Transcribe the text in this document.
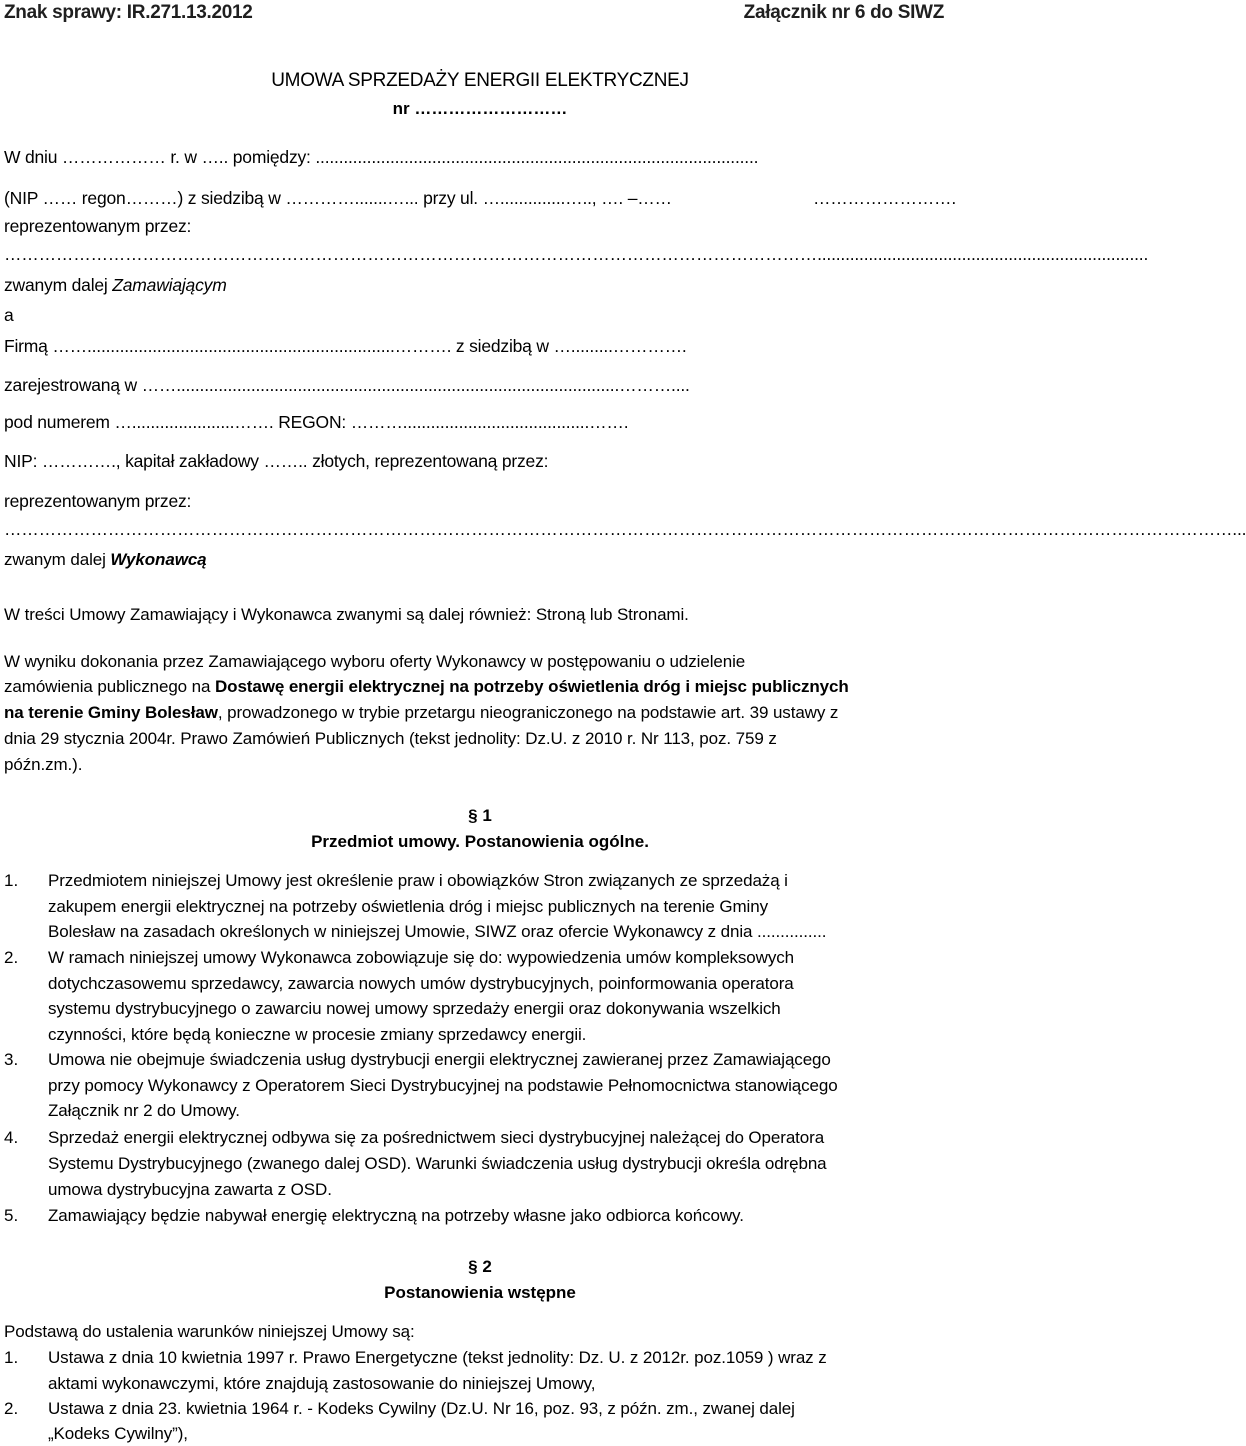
Znak sprawy: IR.271.13.2012	Załącznik nr 6 do SIWZ
UMOWA SPRZEDAŻY ENERGII ELEKTRYCZNEJ
nr ………………………
W dniu ……………… r. w ….. pomiędzy: ...............................................................................................
(NIP …… regon………) z siedzibą w ………….......…... przy ul. …..............….., …. –……	…………………….
reprezentowanym przez:
…………………………………………………………………………………………………………………………….......................................................................
zwanym dalej Zamawiającym
a
Firmą ……..................................................................………. z siedzibą w ….........………….
zarejestrowaną w ……...............................................................................................………....
pod numerem …......................……. REGON: ………........................................…….
NIP: …………., kapitał zakładowy …….. złotych, reprezentowaną przez:
reprezentowanym przez:
……………………………………………………………………………………………………………………………………………………………………………………………...
zwanym dalej Wykonawcą
W treści Umowy Zamawiający i Wykonawca zwanymi są dalej również: Stroną lub Stronami.
W wyniku dokonania przez Zamawiającego wyboru oferty Wykonawcy w postępowaniu o udzielenie
zamówienia publicznego na Dostawę energii elektrycznej na potrzeby oświetlenia dróg i miejsc publicznych
na terenie Gminy Bolesław, prowadzonego w trybie przetargu nieograniczonego na podstawie art. 39 ustawy z
dnia 29 stycznia 2004r. Prawo Zamówień Publicznych (tekst jednolity: Dz.U. z 2010 r. Nr 113, poz. 759 z
późn.zm.).
§ 1
Przedmiot umowy. Postanowienia ogólne.
1. Przedmiotem niniejszej Umowy jest określenie praw i obowiązków Stron związanych ze sprzedażą i
zakupem energii elektrycznej na potrzeby oświetlenia dróg i miejsc publicznych na terenie Gminy
Bolesław na zasadach określonych w niniejszej Umowie, SIWZ oraz ofercie Wykonawcy z dnia ...............
2. W ramach niniejszej umowy Wykonawca zobowiązuje się do: wypowiedzenia umów kompleksowych
dotychczasowemu sprzedawcy, zawarcia nowych umów dystrybucyjnych, poinformowania operatora
systemu dystrybucyjnego o zawarciu nowej umowy sprzedaży energii oraz dokonywania wszelkich
czynności, które będą konieczne w procesie zmiany sprzedawcy energii.
3. Umowa nie obejmuje świadczenia usług dystrybucji energii elektrycznej zawieranej przez Zamawiającego
przy pomocy Wykonawcy z Operatorem Sieci Dystrybucyjnej na podstawie Pełnomocnictwa stanowiącego
Załącznik nr 2 do Umowy.
4. Sprzedaż energii elektrycznej odbywa się za pośrednictwem sieci dystrybucyjnej należącej do Operatora
Systemu Dystrybucyjnego (zwanego dalej OSD). Warunki świadczenia usług dystrybucji określa odrębna
umowa dystrybucyjna zawarta z OSD.
5. Zamawiający będzie nabywał energię elektryczną na potrzeby własne jako odbiorca końcowy.
§ 2
Postanowienia wstępne
Podstawą do ustalenia warunków niniejszej Umowy są:
1. Ustawa z dnia 10 kwietnia 1997 r. Prawo Energetyczne (tekst jednolity: Dz. U. z 2012r. poz.1059 ) wraz z
aktami wykonawczymi, które znajdują zastosowanie do niniejszej Umowy,
2. Ustawa z dnia 23. kwietnia 1964 r. - Kodeks Cywilny (Dz.U. Nr 16, poz. 93, z późn. zm., zwanej dalej
„Kodeks Cywilny”),
